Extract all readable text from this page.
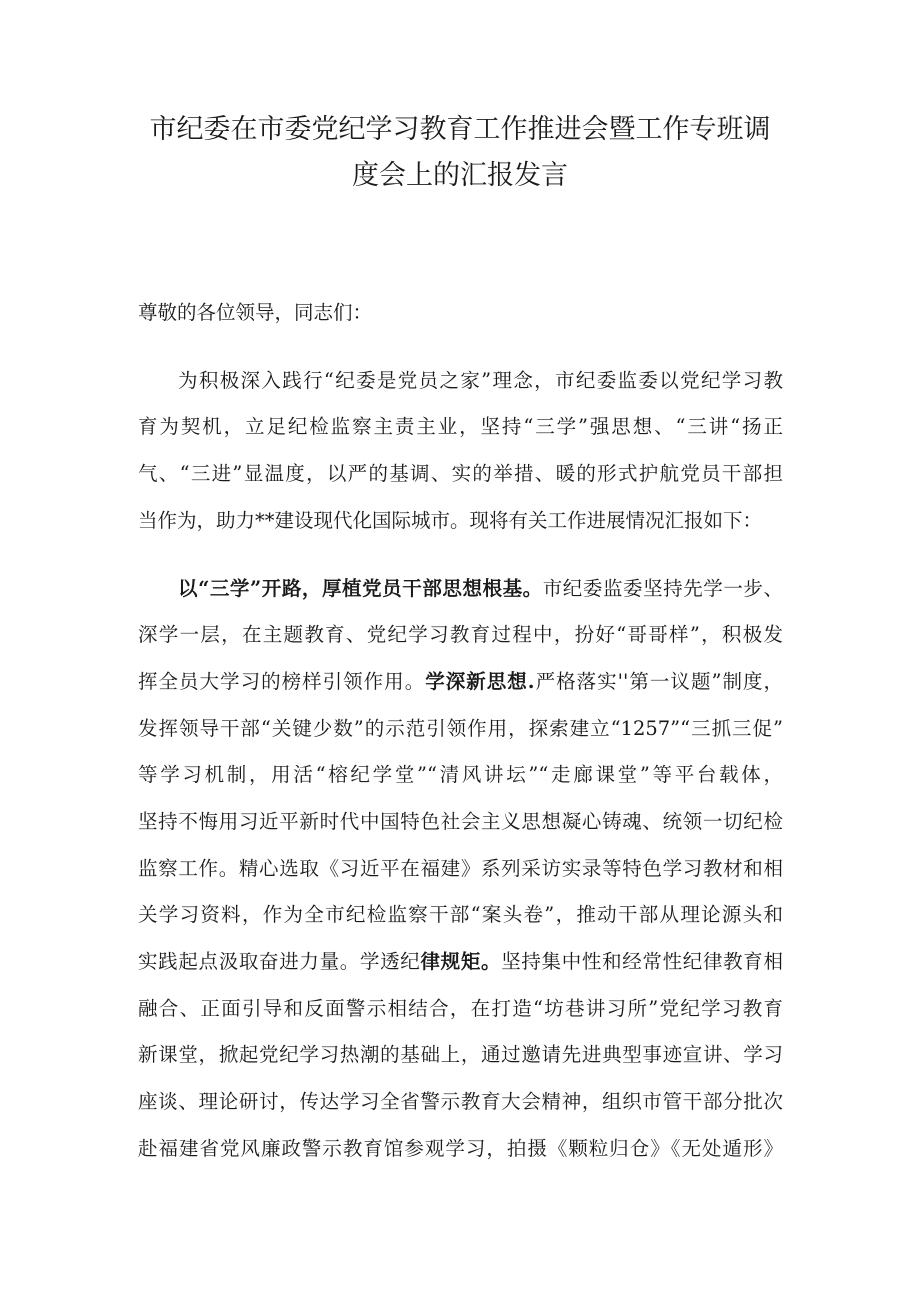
市纪委在市委党纪学习教育工作推进会暨工作专班调
度会上的汇报发言
尊敬的各位领导，同志们：
为积极深入践行“纪委是党员之家”理念，市纪委监委以党纪学习教
育为契机，立足纪检监察主责主业，坚持“三学”强思想、“三讲“扬正
气、“三进”显温度，以严的基调、实的举措、暖的形式护航党员干部担
当作为，助力**建设现代化国际城市。现将有关工作进展情况汇报如下：
以“三学”开路，厚植党员干部思想根基。市纪委监委坚持先学一步、
深学一层，在主题教育、党纪学习教育过程中，扮好“哥哥样”，积极发
挥全员大学习的榜样引领作用。学深新思想.严格落实''第一议题”制度，
发挥领导干部“关键少数”的示范引领作用，探索建立“1257”“三抓三促”
等学习机制，用活“榕纪学堂”“清风讲坛”“走廊课堂”等平台载体，
坚持不悔用习近平新时代中国特色社会主义思想凝心铸魂、统领一切纪检
监察工作。精心选取《习近平在福建》系列采访实录等特色学习教材和相
关学习资料，作为全市纪检监察干部“案头卷”，推动干部从理论源头和
实践起点汲取奋进力量。学透纪律规矩。坚持集中性和经常性纪律教育相
融合、正面引导和反面警示相结合，在打造“坊巷讲习所”党纪学习教育
新课堂，掀起党纪学习热潮的基础上，通过邀请先进典型事迹宣讲、学习
座谈、理论研讨，传达学习全省警示教育大会精神，组织市管干部分批次
赴福建省党风廉政警示教育馆参观学习，拍摄《颗粒归仓》《无处遁形》
